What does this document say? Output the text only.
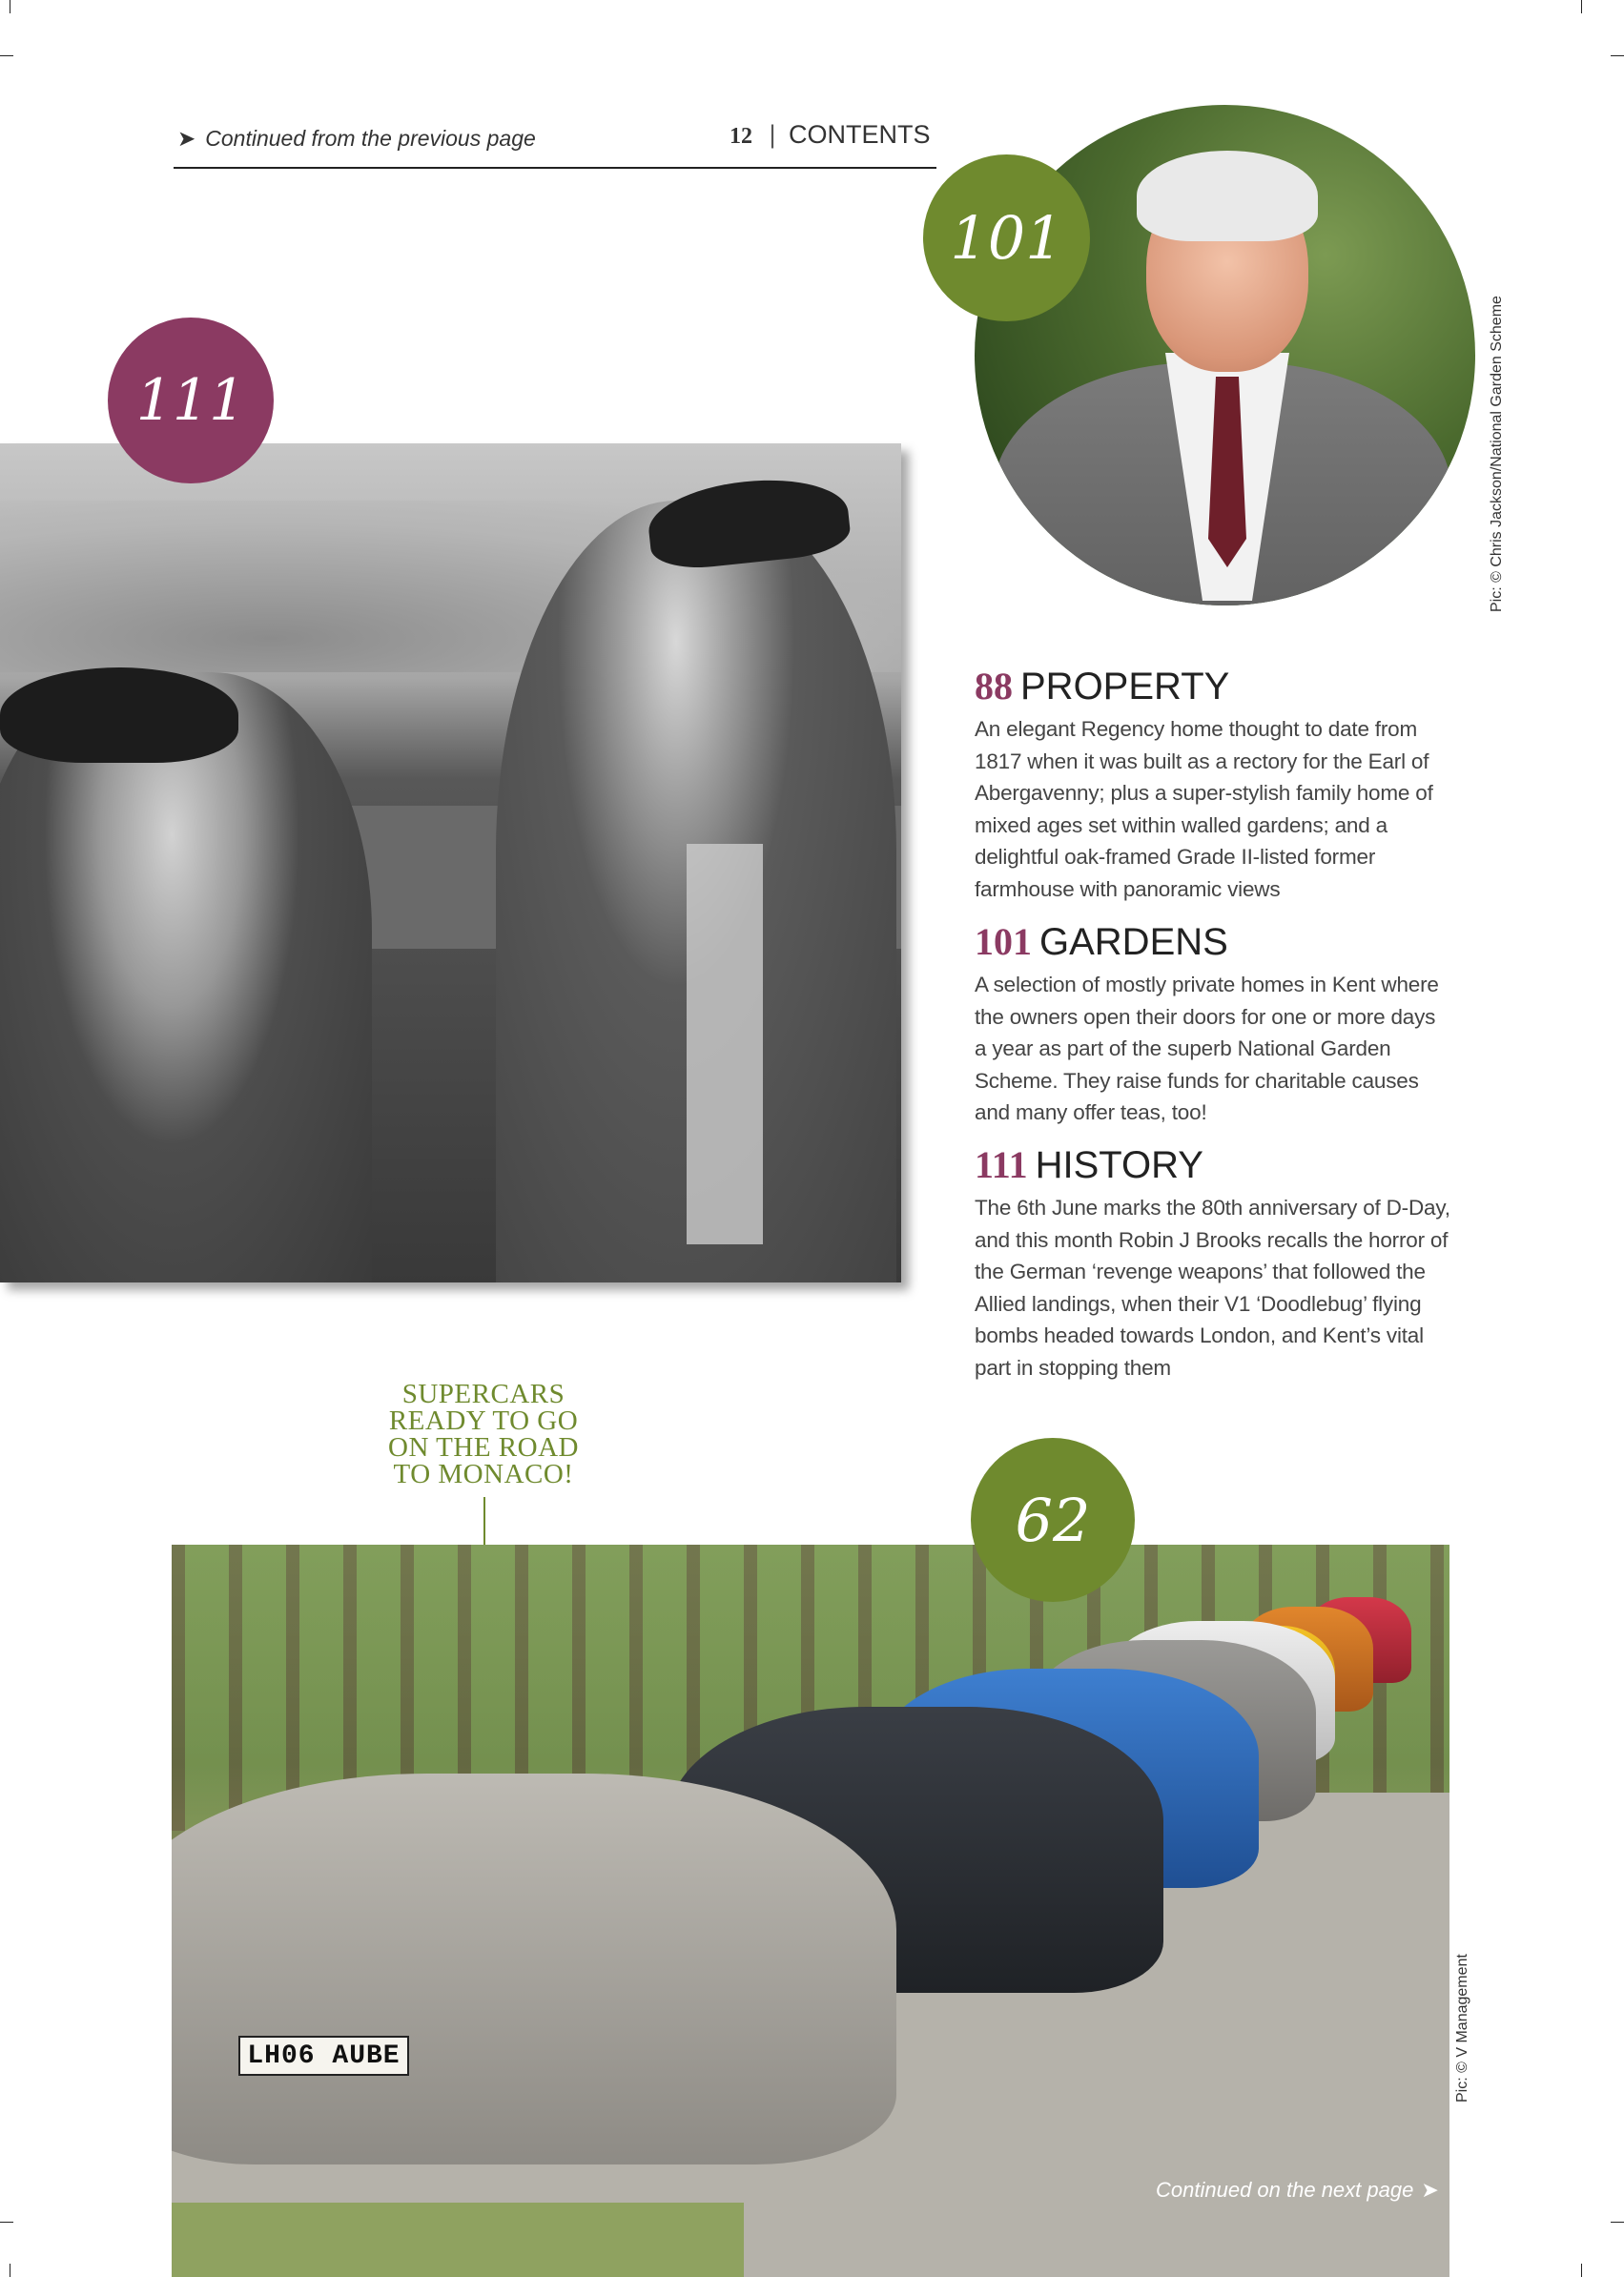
➤ Continued from the previous page	12 | CONTENTS
101
Pic: © Chris Jackson/National Garden Scheme
111
88 PROPERTY
An elegant Regency home thought to date from 1817 when it was built as a rectory for the Earl of Abergavenny; plus a super-stylish family home of mixed ages set within walled gardens; and a delightful oak-framed Grade II-listed former farmhouse with panoramic views
101 GARDENS
A selection of mostly private homes in Kent where the owners open their doors for one or more days a year as part of the superb National Garden Scheme. They raise funds for charitable causes and many offer teas, too!
111 HISTORY
The 6th June marks the 80th anniversary of D-Day, and this month Robin J Brooks recalls the horror of the German ‘revenge weapons’ that followed the Allied landings, when their V1 ‘Doodlebug’ flying bombs headed towards London, and Kent’s vital part in stopping them
SUPERCARS READY TO GO ON THE ROAD TO MONACO!
LH06 AUBE
62
Pic: © V Management
Continued on the next page ➤
